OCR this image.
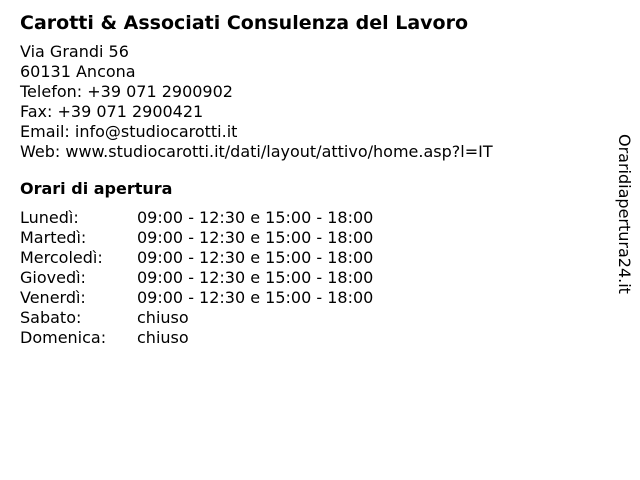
Carotti & Associati Consulenza del Lavoro
Via Grandi 56
60131 Ancona
Telefon: +39 071 2900902
Fax: +39 071 2900421
Email: info@studiocarotti.it
Web: www.studiocarotti.it/dati/layout/attivo/home.asp?l=IT
Orari di apertura
Lunedì:	09:00 - 12:30 e 15:00 - 18:00
Martedì:	09:00 - 12:30 e 15:00 - 18:00
Mercoledì:	09:00 - 12:30 e 15:00 - 18:00
Giovedì:	09:00 - 12:30 e 15:00 - 18:00
Venerdì:	09:00 - 12:30 e 15:00 - 18:00
Sabato:	chiuso
Domenica:	chiuso
Oraridiapertura24.it
